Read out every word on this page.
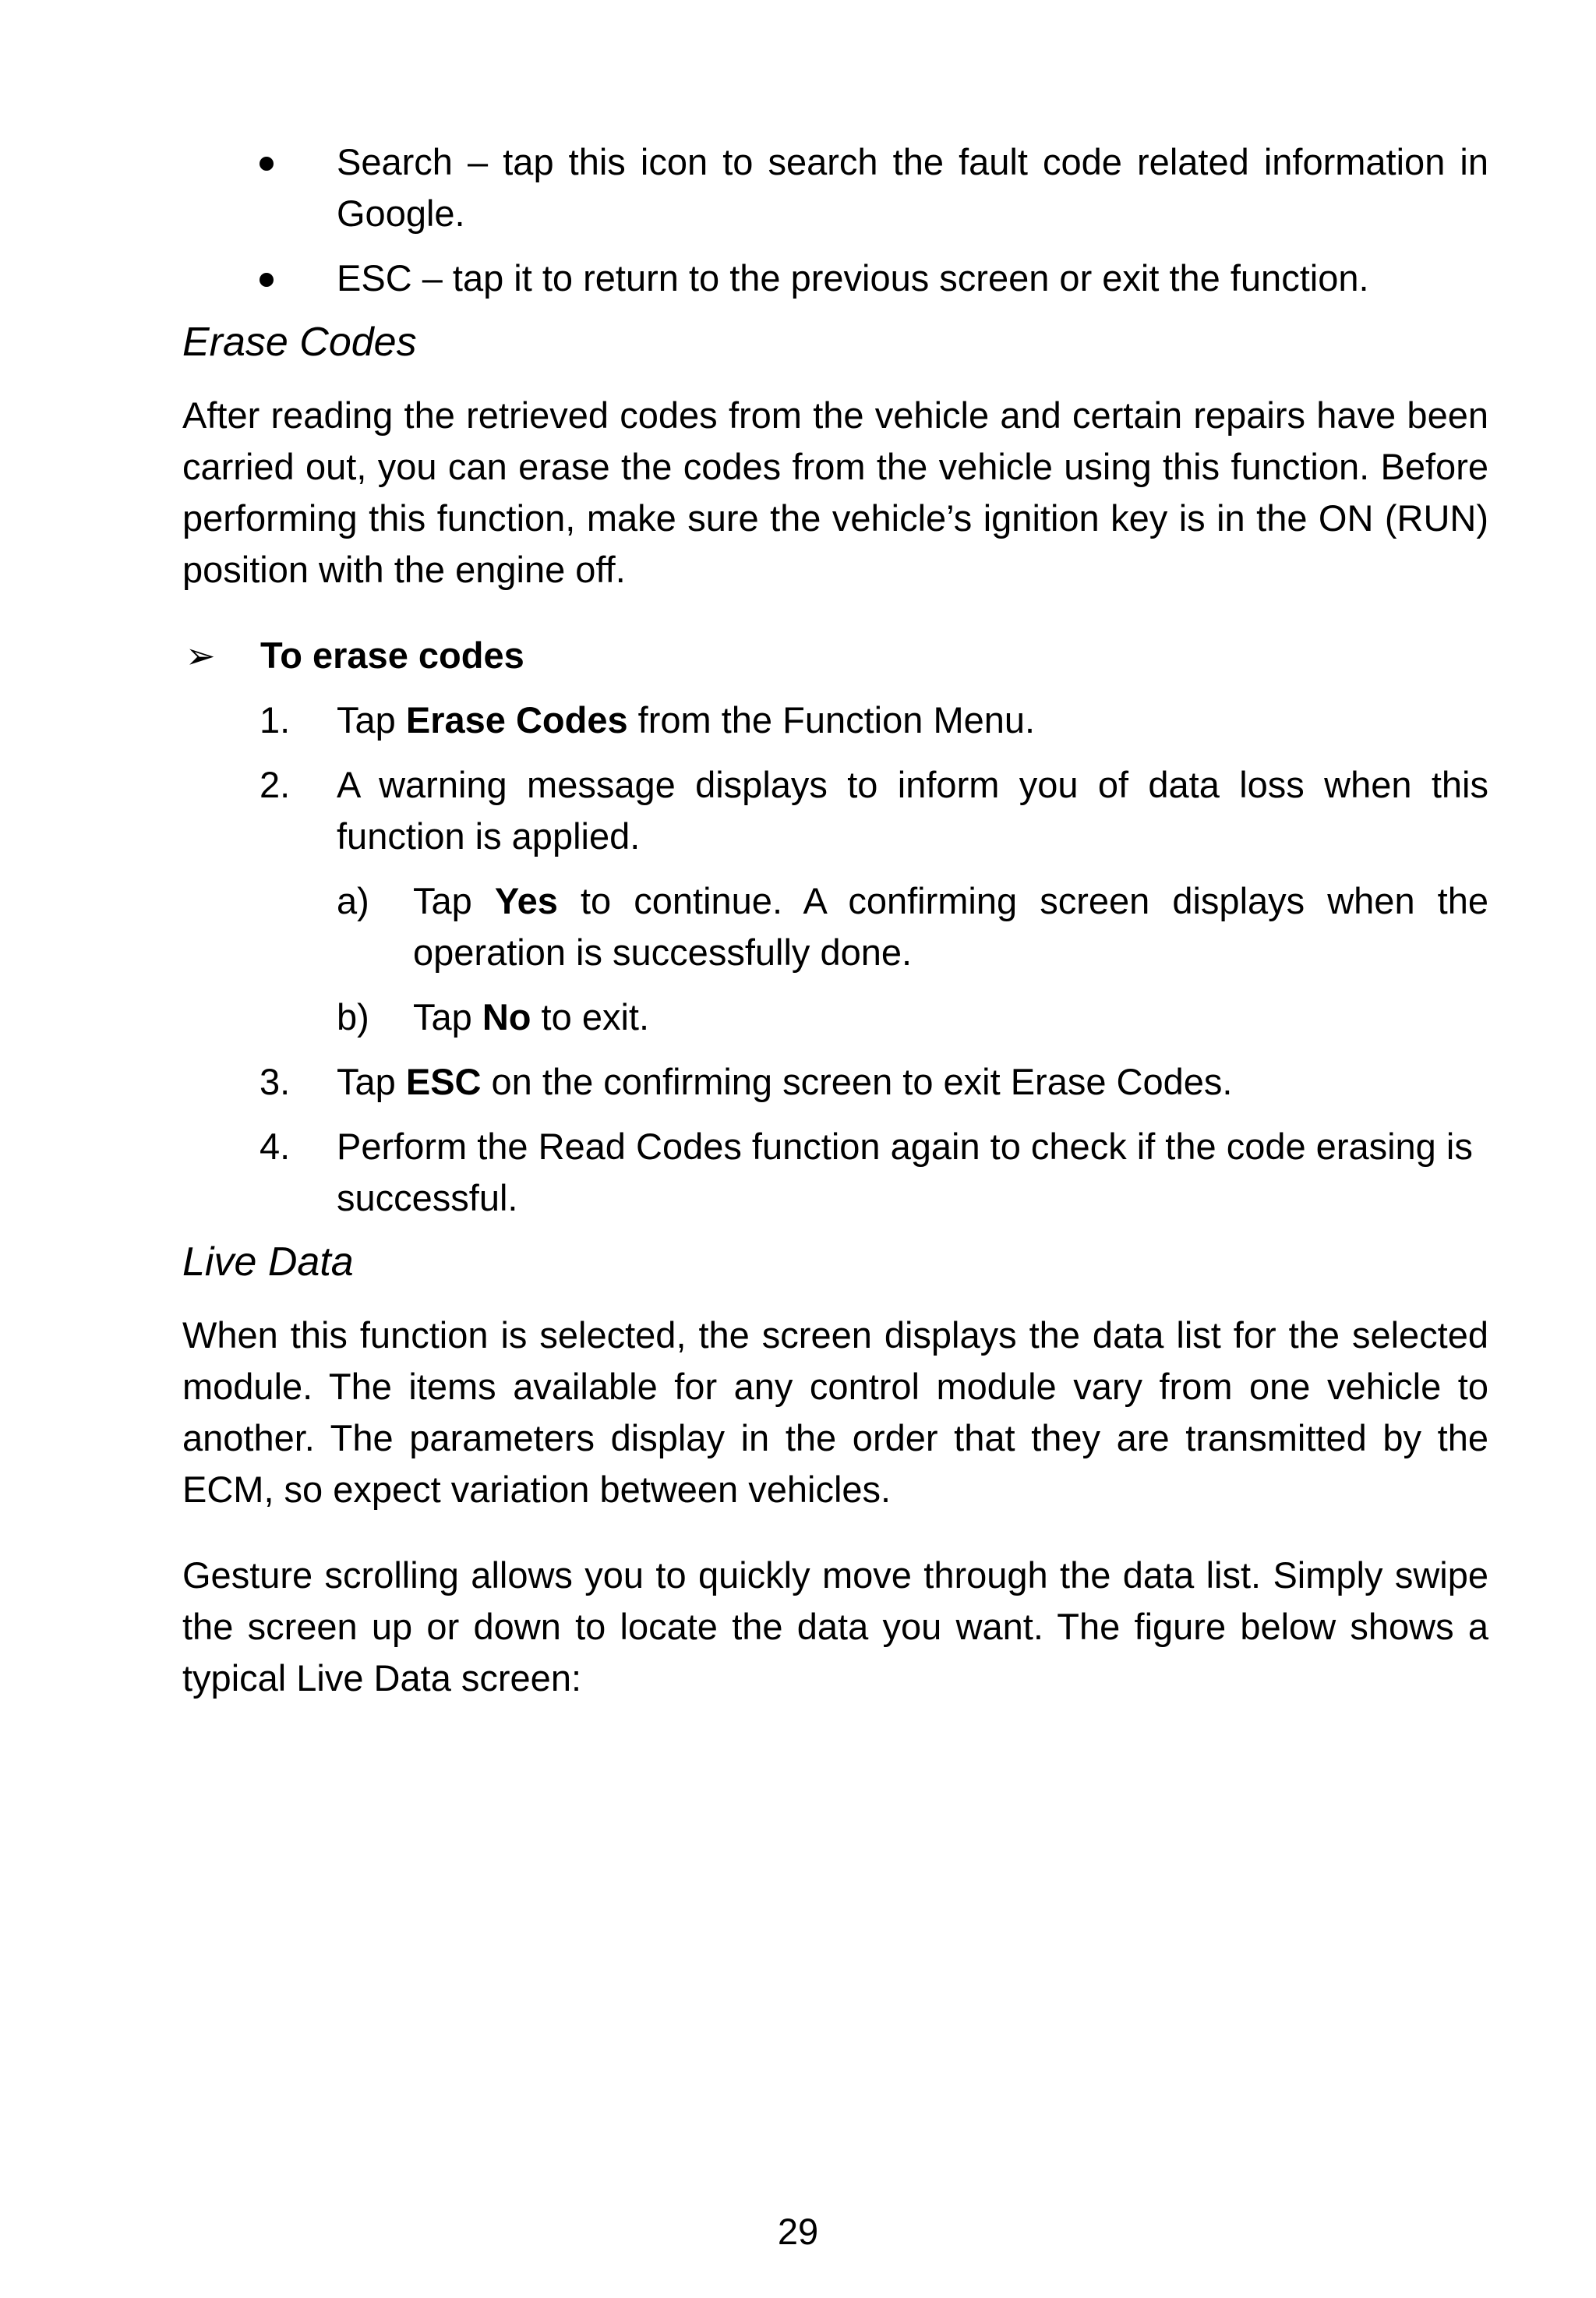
Search – tap this icon to search the fault code related information in Google.
ESC – tap it to return to the previous screen or exit the function.
Erase Codes

After reading the retrieved codes from the vehicle and certain repairs have been carried out, you can erase the codes from the vehicle using this function. Before performing this function, make sure the vehicle’s ignition key is in the ON (RUN) position with the engine off.

➢ To erase codes
1. Tap Erase Codes from the Function Menu.
2. A warning message displays to inform you of data loss when this function is applied.
a) Tap Yes to continue. A confirming screen displays when the operation is successfully done.
b) Tap No to exit.
3. Tap ESC on the confirming screen to exit Erase Codes.
4. Perform the Read Codes function again to check if the code erasing is successful.
Live Data

When this function is selected, the screen displays the data list for the selected module. The items available for any control module vary from one vehicle to another. The parameters display in the order that they are transmitted by the ECM, so expect variation between vehicles.

Gesture scrolling allows you to quickly move through the data list. Simply swipe the screen up or down to locate the data you want. The figure below shows a typical Live Data screen:

29
